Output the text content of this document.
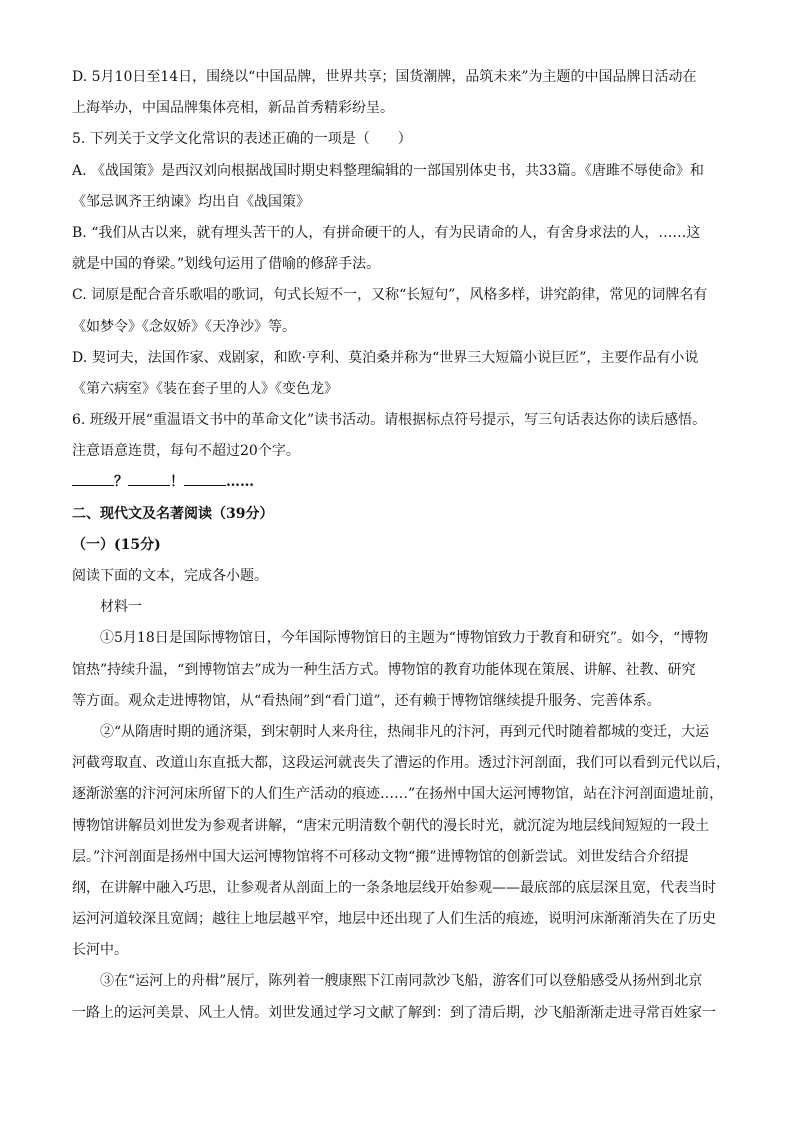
D. 5月10日至14日，围绕以“中国品牌，世界共享；国货潮牌，品筑未来”为主题的中国品牌日活动在
上海举办，中国品牌集体亮相，新品首秀精彩纷呈。
5. 下列关于文学文化常识的表述正确的一项是（　　）
A. 《战国策》是西汉刘向根据战国时期史料整理编辑的一部国别体史书，共33篇。《唐雎不辱使命》和
《邹忌讽齐王纳谏》均出自《战国策》
B. “我们从古以来，就有埋头苦干的人，有拼命硬干的人，有为民请命的人，有舍身求法的人，……这
就是中国的脊梁。”划线句运用了借喻的修辞手法。
C. 词原是配合音乐歌唱的歌词，句式长短不一，又称“长短句”，风格多样，讲究韵律，常见的词牌名有
《如梦令》《念奴娇》《天净沙》等。
D. 契诃夫，法国作家、戏剧家，和欧·亨利、莫泊桑并称为“世界三大短篇小说巨匠”，主要作品有小说
《第六病室》《装在套子里的人》《变色龙》
6. 班级开展“重温语文书中的革命文化”读书活动。请根据标点符号提示，写三句话表达你的读后感悟。
注意语意连贯，每句不超过20个字。
？	！	……
二、现代文及名著阅读（39分）
（一）(15分)
阅读下面的文本，完成各小题。
材料一
①5月18日是国际博物馆日，今年国际博物馆日的主题为“博物馆致力于教育和研究”。如今，“博物
馆热”持续升温，“到博物馆去”成为一种生活方式。博物馆的教育功能体现在策展、讲解、社教、研究
等方面。观众走进博物馆，从“看热闹”到“看门道”，还有赖于博物馆继续提升服务、完善体系。
②“从隋唐时期的通济渠，到宋朝时人来舟往，热闹非凡的汴河，再到元代时随着都城的变迁，大运
河截弯取直、改道山东直抵大都，这段运河就丧失了漕运的作用。透过汴河剖面，我们可以看到元代以后，
逐渐淤塞的汴河河床所留下的人们生产活动的痕迹……”在扬州中国大运河博物馆，站在汴河剖面遗址前，
博物馆讲解员刘世发为参观者讲解，“唐宋元明清数个朝代的漫长时光，就沉淀为地层线间短短的一段土
层。”汴河剖面是扬州中国大运河博物馆将不可移动文物“搬”进博物馆的创新尝试。刘世发结合介绍提
纲，在讲解中融入巧思，让参观者从剖面上的一条条地层线开始参观——最底部的底层深且宽，代表当时
运河河道较深且宽阔；越往上地层越平窄，地层中还出现了人们生活的痕迹，说明河床渐渐消失在了历史
长河中。
③在“运河上的舟楫”展厅，陈列着一艘康熙下江南同款沙飞船，游客们可以登船感受从扬州到北京
一路上的运河美景、风土人情。刘世发通过学习文献了解到：到了清后期，沙飞船渐渐走进寻常百姓家一
